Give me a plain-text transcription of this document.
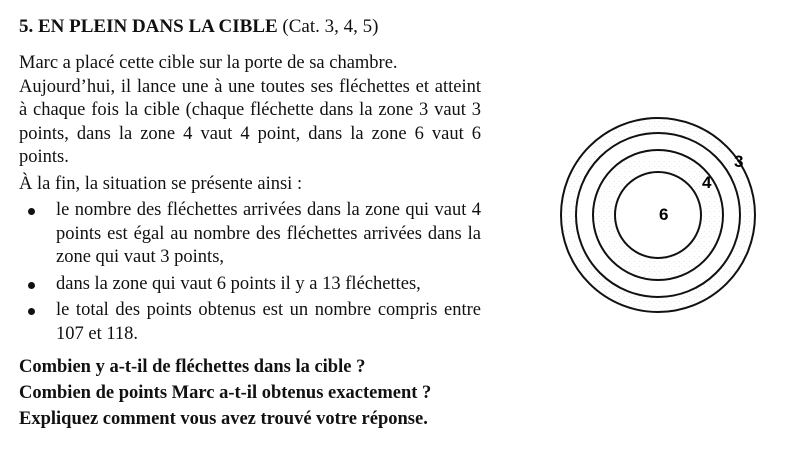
5. EN PLEIN DANS LA CIBLE (Cat. 3, 4, 5)

Marc a placé cette cible sur la porte de sa chambre.

Aujourd’hui, il lance une à une toutes ses fléchettes et atteint à chaque fois la cible (chaque fléchette dans la zone 3 vaut 3 points, dans la zone 4 vaut 4 point, dans la zone 6 vaut 6 points.

À la fin, la situation se présente ainsi :

le nombre des fléchettes arrivées dans la zone qui vaut 4 points est égal au nombre des fléchettes arrivées dans la zone qui vaut 3 points,
dans la zone qui vaut 6 points il y a 13 fléchettes,
le total des points obtenus est un nombre compris entre 107 et 118.
Combien y a-t-il de fléchettes dans la cible ?
Combien de points Marc a-t-il obtenus exactement ?
Expliquez comment vous avez trouvé votre réponse.
3
4
6
